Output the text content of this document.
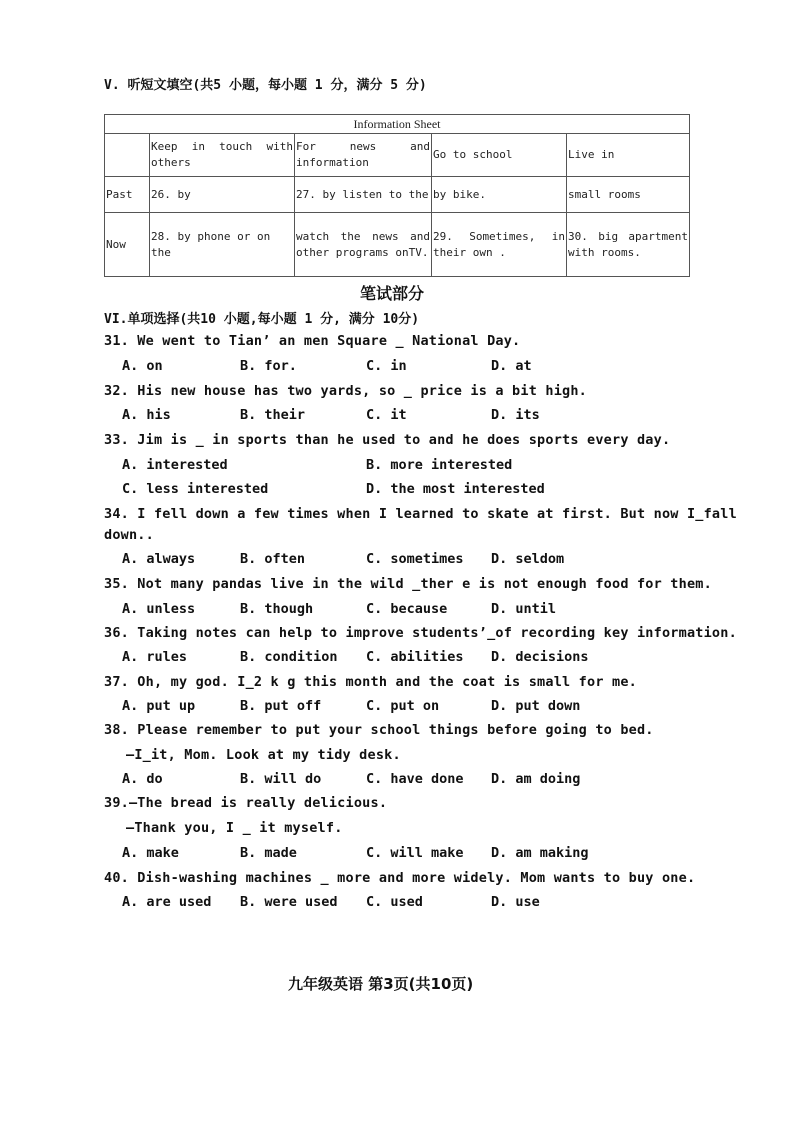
V. 听短文填空(共5 小题，每小题 1 分，满分 5 分)
Information Sheet				
	Keep in touch with others	For news and information	Go to school	Live in
Past	26. by	27. by listen to the	by bike.	small rooms
Now	28. by phone or on the	watch the news and other programs onTV.	29. Sometimes, in their own .	30. big apartment with rooms.
笔试部分
VI.单项选择(共10 小题,每小题 1 分, 满分 10分)
31. We went to Tian’ an men Square _ National Day.
A. on	B. for.	C. in	D. at
32. His new house has two yards, so _ price is a bit high.
A. his	B. their	C. it	D. its
33. Jim is _ in sports than he used to and he does sports every day.
A. interested	B. more interested
C. less interested	D. the most interested
34. I fell down a few times when I learned to skate at first. But now I_fall
down..
A. always	B. often	C. sometimes D. seldom
35. Not many pandas live in the wild _ther e is not enough food for them.
A. unless	B. though	C. because	D. until
36. Taking notes can help to improve students’_of recording key information.
A. rules	B. condition C. abilities D. decisions
37. Oh, my god. I_2 k g this month and the coat is small for me.
A. put up	B. put off	C. put on	D. put down
38. Please remember to put your school things before going to bed.
—I_it, Mom. Look at my tidy desk.
A. do	B. will do	C. have done D. am doing
39.—The bread is really delicious.
—Thank you, I _ it myself.
A. make	B. made	C. will make D. am making
40. Dish-washing machines _ more and more widely. Mom wants to buy one.
A. are used B. were used C. used	D. use
九年级英语 第3页(共10页)
